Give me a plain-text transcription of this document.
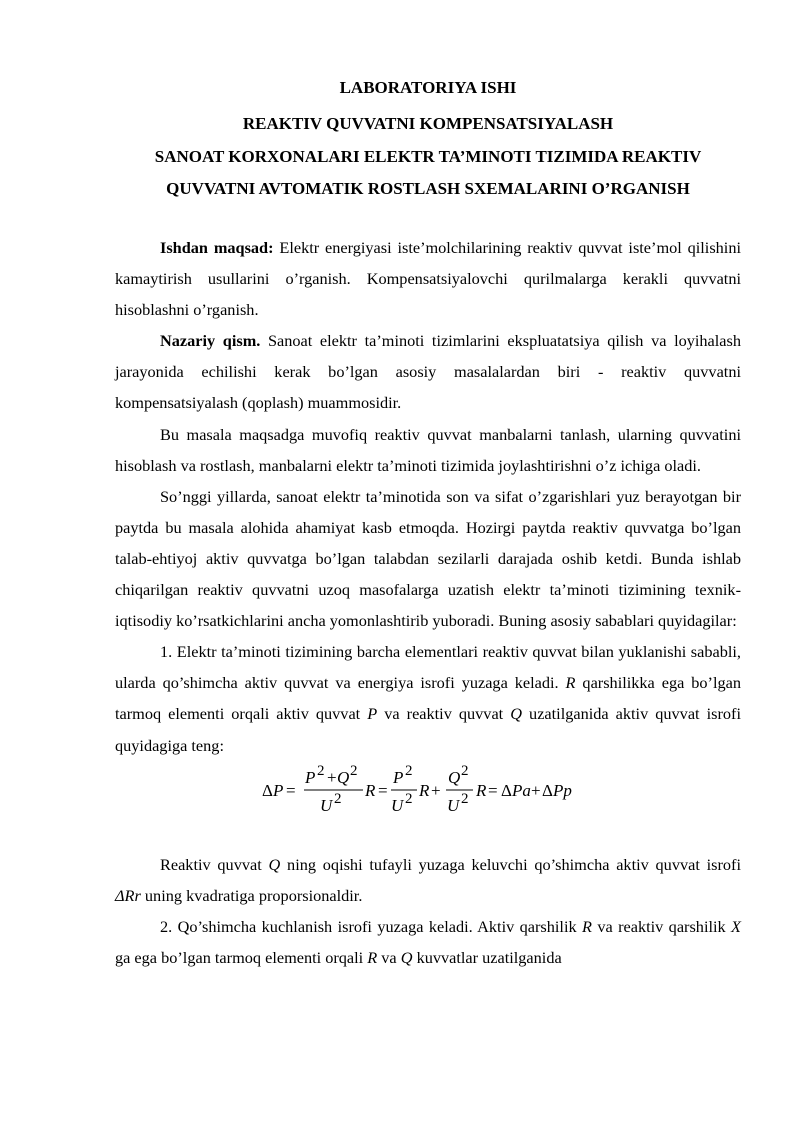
LABORATORIYA ISHI
REAKTIV QUVVATNI KOMPENSATSIYALASH
SANOAT KORXONALARI ELEKTR TA’MINOTI TIZIMIDA REAKTIV
QUVVATNI AVTOMATIK ROSTLASH SXEMALARINI O’RGANISH

Ishdan maqsad: Elektr energiyasi iste’molchilarining reaktiv quvvat iste’mol qilishini kamaytirish usullarini o’rganish. Kompensatsiyalovchi qurilmalarga kerakli quvvatni hisoblashni o’rganish.

Nazariy qism. Sanoat elektr ta’minoti tizimlarini ekspluatatsiya qilish va loyihalash jarayonida echilishi kerak bo’lgan asosiy masalalardan biri - reaktiv quvvatni kompensatsiyalash (qoplash) muammosidir.

Bu masala maqsadga muvofiq reaktiv quvvat manbalarni tanlash, ularning quvvatini hisoblash va rostlash, manbalarni elektr ta’minoti tizimida joylashtirishni o’z ichiga oladi.

So’nggi yillarda, sanoat elektr ta’minotida son va sifat o’zgarishlari yuz berayotgan bir paytda bu masala alohida ahamiyat kasb etmoqda. Hozirgi paytda reaktiv quvvatga bo’lgan talab-ehtiyoj aktiv quvvatga bo’lgan talabdan sezilarli darajada oshib ketdi. Bunda ishlab chiqarilgan reaktiv quvvatni uzoq masofalarga uzatish elektr ta’minoti tizimining texnik-iqtisodiy ko’rsatkichlarini ancha yomonlashtirib yuboradi. Buning asosiy sabablari quyidagilar:

1. Elektr ta’minoti tizimining barcha elementlari reaktiv quvvat bilan yuklanishi sababli, ularda qo’shimcha aktiv quvvat va energiya isrofi yuzaga keladi. R qarshilikka ega bo’lgan tarmoq elementi orqali aktiv quvvat P va reaktiv quvvat Q uzatilganida aktiv quvvat isrofi quyidagiga teng:

Δ P =
P 2 + Q 2
U 2 R =
P 2
U 2 R +
Q 2
U 2 R = Δ Pa + Δ Pp

Reaktiv quvvat Q ning oqishi tufayli yuzaga keluvchi qo’shimcha aktiv quvvat isrofi ΔRr uning kvadratiga proporsionaldir.

2. Qo’shimcha kuchlanish isrofi yuzaga keladi. Aktiv qarshilik R va reaktiv qarshilik X ga ega bo’lgan tarmoq elementi orqali R va Q kuvvatlar uzatilganida
